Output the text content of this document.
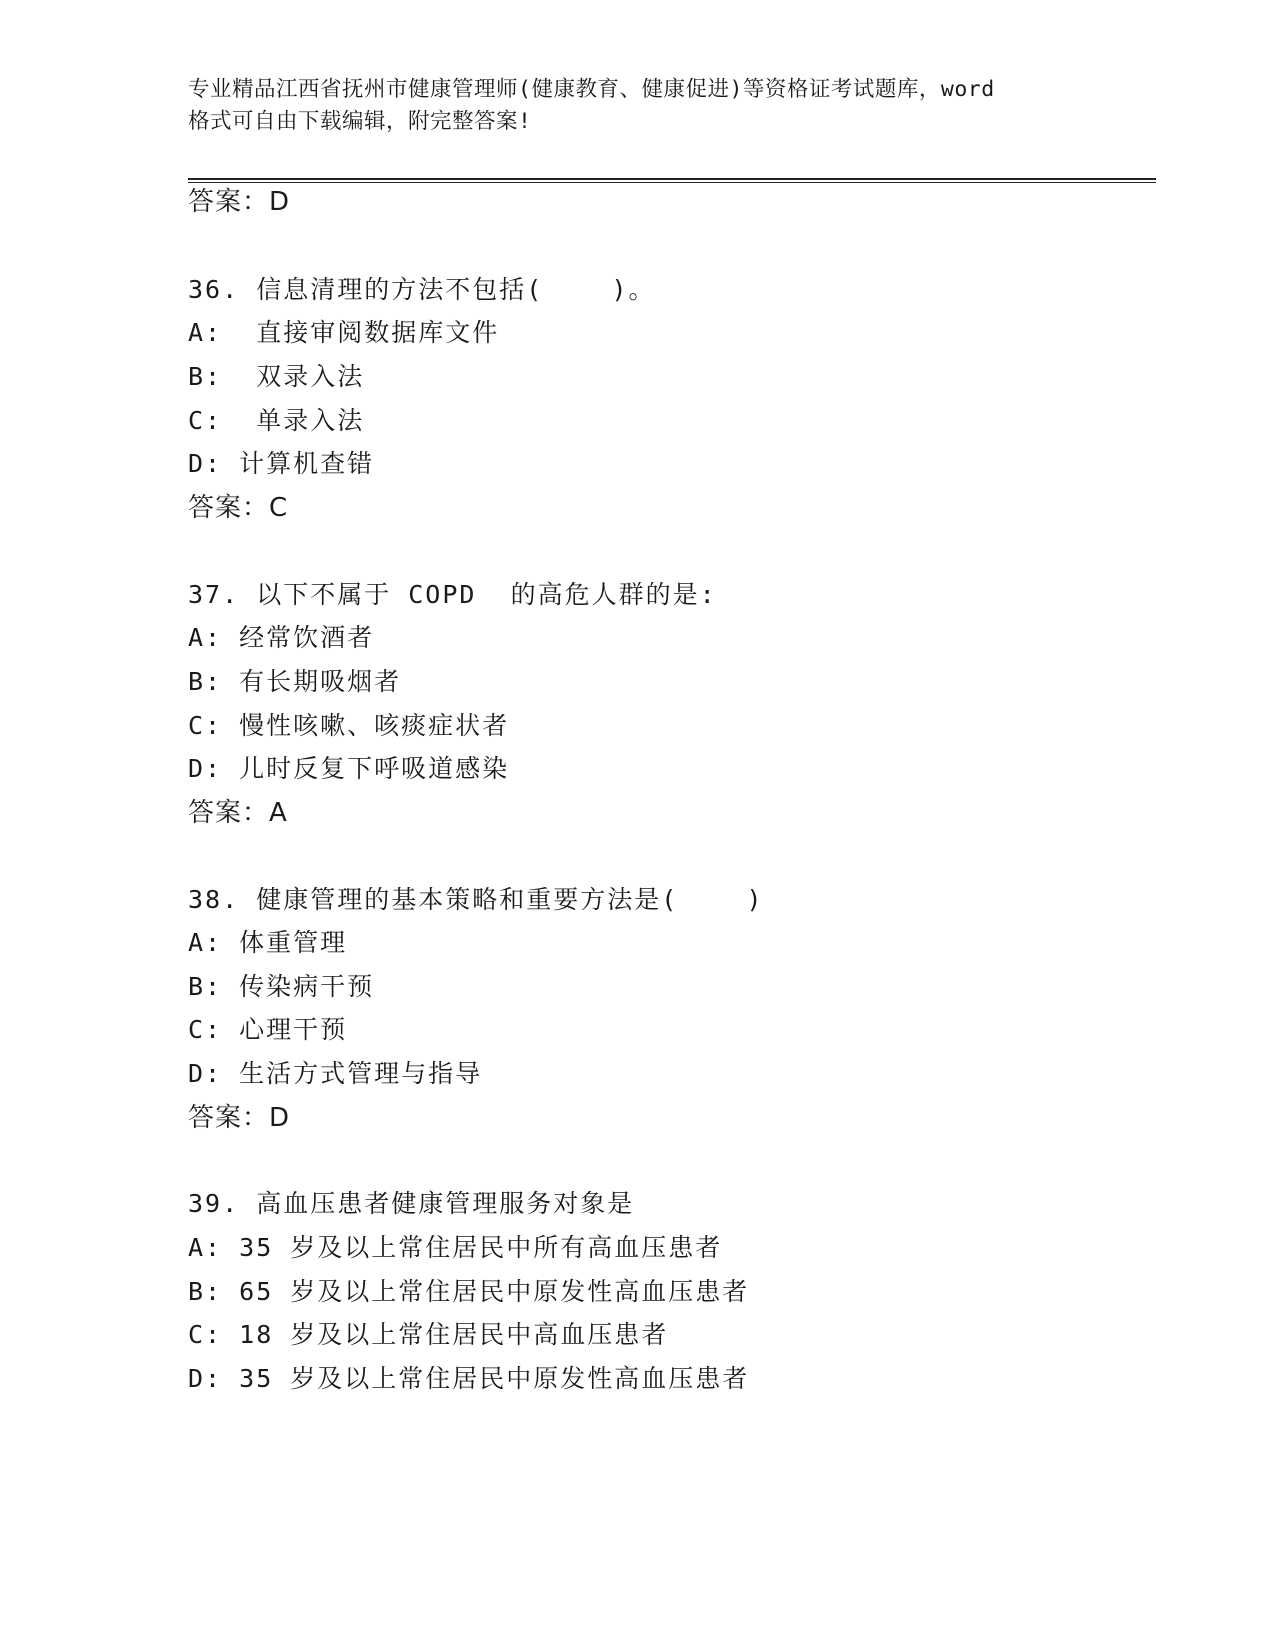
专业精品江西省抚州市健康管理师(健康教育、健康促进)等资格证考试题库，word
格式可自由下载编辑，附完整答案!
答案：D
36. 信息清理的方法不包括(    )。
A:  直接审阅数据库文件
B:  双录入法
C:  单录入法
D: 计算机查错
答案：C
37. 以下不属于 COPD  的高危人群的是:
A: 经常饮酒者
B: 有长期吸烟者
C: 慢性咳嗽、咳痰症状者
D: 儿时反复下呼吸道感染
答案：A
38. 健康管理的基本策略和重要方法是(    )
A: 体重管理
B: 传染病干预
C: 心理干预
D: 生活方式管理与指导
答案：D
39. 高血压患者健康管理服务对象是
A: 35 岁及以上常住居民中所有高血压患者
B: 65 岁及以上常住居民中原发性高血压患者
C: 18 岁及以上常住居民中高血压患者
D: 35 岁及以上常住居民中原发性高血压患者
